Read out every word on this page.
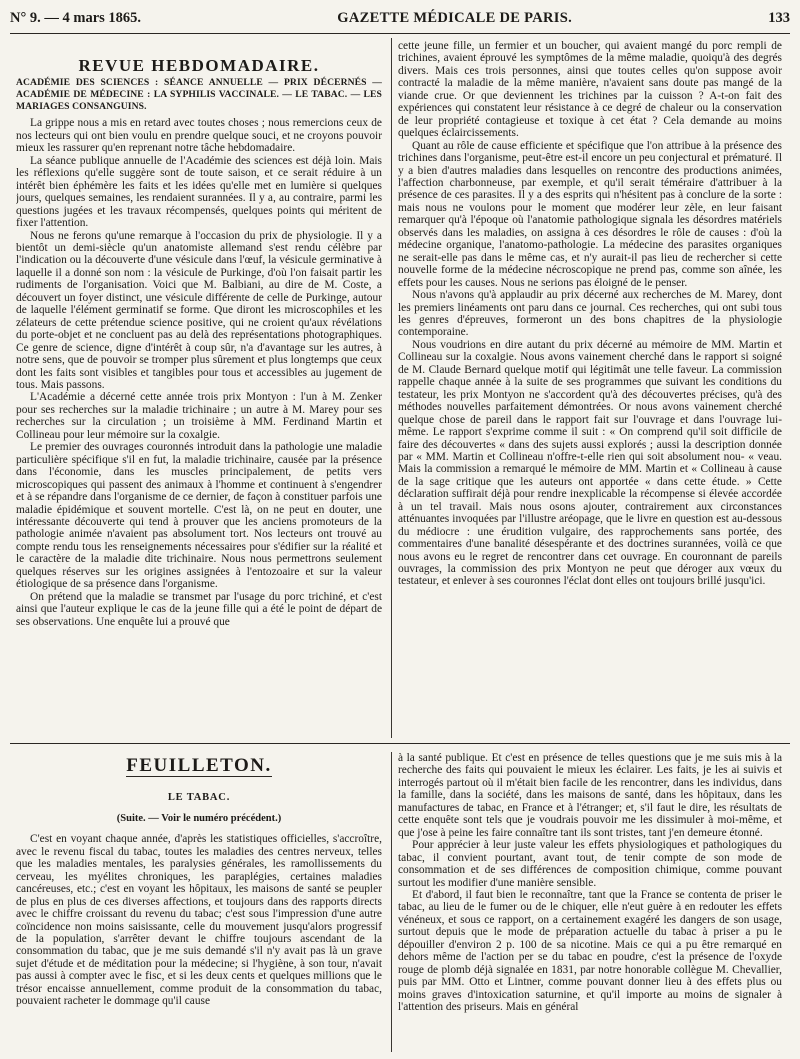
N° 9. — 4 mars 1865.	GAZETTE MÉDICALE DE PARIS.	133
REVUE HEBDOMADAIRE.
ACADÉMIE DES SCIENCES : SÉANCE ANNUELLE — PRIX DÉCERNÉS — ACADÉMIE DE MÉDECINE : LA SYPHILIS VACCINALE. — LE TABAC. — LES MARIAGES CONSANGUINS.

La grippe nous a mis en retard avec toutes choses ; nous remercions ceux de nos lecteurs qui ont bien voulu en prendre quelque souci, et ne croyons pouvoir mieux les rassurer qu'en reprenant notre tâche hebdomadaire.

La séance publique annuelle de l'Académie des sciences est déjà loin. Mais les réflexions qu'elle suggère sont de toute saison, et ce serait réduire à un intérêt bien éphémère les faits et les idées qu'elle met en lumière si quelques jours, quelques semaines, les rendaient surannées. Il y a, au contraire, parmi les questions jugées et les travaux récompensés, quelques points qui méritent de fixer l'attention.

Nous ne ferons qu'une remarque à l'occasion du prix de physiologie. Il y a bientôt un demi-siècle qu'un anatomiste allemand s'est rendu célèbre par l'indication ou la découverte d'une vésicule dans l'œuf, la vésicule germinative à laquelle il a donné son nom : la vésicule de Purkinge, d'où l'on faisait partir les rudiments de l'organisation. Voici que M. Balbiani, au dire de M. Coste, a découvert un foyer distinct, une vésicule différente de celle de Purkinge, autour de laquelle l'élément germinatif se forme. Que diront les microscophiles et les zélateurs de cette prétendue science positive, qui ne croient qu'aux révélations du porte-objet et ne concluent pas au delà des représentations photographiques. Ce genre de science, digne d'intérêt à coup sûr, n'a d'avantage sur les autres, à notre sens, que de pouvoir se tromper plus sûrement et plus longtemps que ceux dont les faits sont visibles et tangibles pour tous et accessibles au jugement de tous. Mais passons.

L'Académie a décerné cette année trois prix Montyon : l'un à M. Zenker pour ses recherches sur la maladie trichinaire ; un autre à M. Marey pour ses recherches sur la circulation ; un troisième à MM. Ferdinand Martin et Collineau pour leur mémoire sur la coxalgie.

Le premier des ouvrages couronnés introduit dans la pathologie une maladie particulière spécifique s'il en fut, la maladie trichinaire, causée par la présence dans l'économie, dans les muscles principalement, de petits vers microscopiques qui passent des animaux à l'homme et continuent à s'engendrer et à se répandre dans l'organisme de ce dernier, de façon à constituer parfois une maladie épidémique et souvent mortelle. C'est là, on ne peut en douter, une intéressante découverte qui tend à prouver que les anciens promoteurs de la pathologie animée n'avaient pas absolument tort. Nos lecteurs ont trouvé au compte rendu tous les renseignements nécessaires pour s'édifier sur la réalité et le caractère de la maladie dite trichinaire. Nous nous permettrons seulement quelques réserves sur les origines assignées à l'entozoaire et sur la valeur étiologique de sa présence dans l'organisme.

On prétend que la maladie se transmet par l'usage du porc trichiné, et c'est ainsi que l'auteur explique le cas de la jeune fille qui a été le point de départ de ses observations. Une enquête lui a prouvé que

cette jeune fille, un fermier et un boucher, qui avaient mangé du porc rempli de trichines, avaient éprouvé les symptômes de la même maladie, quoiqu'à des degrés divers. Mais ces trois personnes, ainsi que toutes celles qu'on suppose avoir contracté la maladie de la même manière, n'avaient sans doute pas mangé de la viande crue. Or que deviennent les trichines par la cuisson ? A-t-on fait des expériences qui constatent leur résistance à ce degré de chaleur ou la conservation de leur propriété contagieuse et toxique à cet état ? Cela demande au moins quelques éclaircissements.

Quant au rôle de cause efficiente et spécifique que l'on attribue à la présence des trichines dans l'organisme, peut-être est-il encore un peu conjectural et prématuré. Il y a bien d'autres maladies dans lesquelles on rencontre des productions animées, l'affection charbonneuse, par exemple, et qu'il serait téméraire d'attribuer à la présence de ces parasites. Il y a des esprits qui n'hésitent pas à conclure de la sorte : mais nous ne voulons pour le moment que modérer leur zèle, en leur faisant remarquer qu'à l'époque où l'anatomie pathologique signala les désordres matériels observés dans les maladies, on assigna à ces désordres le rôle de causes : d'où la médecine organique, l'anatomo-pathologie. La médecine des parasites organiques ne serait-elle pas dans le même cas, et n'y aurait-il pas lieu de rechercher si cette nouvelle forme de la médecine nécroscopique ne prend pas, comme son aînée, les effets pour les causes. Nous ne serions pas éloigné de le penser.

Nous n'avons qu'à applaudir au prix décerné aux recherches de M. Marey, dont les premiers linéaments ont paru dans ce journal. Ces recherches, qui ont subi tous les genres d'épreuves, formeront un des bons chapitres de la physiologie contemporaine.

Nous voudrions en dire autant du prix décerné au mémoire de MM. Martin et Collineau sur la coxalgie. Nous avons vainement cherché dans le rapport si soigné de M. Claude Bernard quelque motif qui légitimât une telle faveur. La commission rappelle chaque année à la suite de ses programmes que suivant les conditions du testateur, les prix Montyon ne s'accordent qu'à des découvertes précises, qu'à des méthodes nouvelles parfaitement démontrées. Or nous avons vainement cherché quelque chose de pareil dans le rapport fait sur l'ouvrage et dans l'ouvrage lui-même. Le rapport s'exprime comme il suit : « On comprend qu'il soit difficile de faire des découvertes « dans des sujets aussi explorés ; aussi la description donnée par « MM. Martin et Collineau n'offre-t-elle rien qui soit absolument nou- « veau. Mais la commission a remarqué le mémoire de MM. Martin et « Collineau à cause de la sage critique que les auteurs ont apportée « dans cette étude. » Cette déclaration suffirait déjà pour rendre inexplicable la récompense si élevée accordée à un tel travail. Mais nous osons ajouter, contrairement aux circonstances atténuantes invoquées par l'illustre aréopage, que le livre en question est au-dessous du médiocre : une érudition vulgaire, des rapprochements sans portée, des commentaires d'une banalité désespérante et des doctrines surannées, voilà ce que nous avons eu le regret de rencontrer dans cet ouvrage. En couronnant de pareils ouvrages, la commission des prix Montyon ne peut que déroger aux vœux du testateur, et enlever à ses couronnes l'éclat dont elles ont toujours brillé jusqu'ici.

FEUILLETON.
LE TABAC.
(Suite. — Voir le numéro précédent.)

C'est en voyant chaque année, d'après les statistiques officielles, s'accroître, avec le revenu fiscal du tabac, toutes les maladies des centres nerveux, telles que les maladies mentales, les paralysies générales, les ramollissements du cerveau, les myélites chroniques, les paraplégies, certaines maladies cancéreuses, etc.; c'est en voyant les hôpitaux, les maisons de santé se peupler de plus en plus de ces diverses affections, et toujours dans des rapports directs avec le chiffre croissant du revenu du tabac; c'est sous l'impression d'une autre coïncidence non moins saisissante, celle du mouvement jusqu'alors progressif de la population, s'arrêter devant le chiffre toujours ascendant de la consommation du tabac, que je me suis demandé s'il n'y avait pas là un grave sujet d'étude et de méditation pour la médecine; si l'hygiène, à son tour, n'avait pas aussi à compter avec le fisc, et si les deux cents et quelques millions que le trésor encaisse annuellement, comme produit de la consommation du tabac, pouvaient racheter le dommage qu'il cause

à la santé publique. Et c'est en présence de telles questions que je me suis mis à la recherche des faits qui pouvaient le mieux les éclairer. Les faits, je les ai suivis et interrogés partout où il m'était bien facile de les rencontrer, dans les individus, dans la famille, dans la société, dans les maisons de santé, dans les hôpitaux, dans les manufactures de tabac, en France et à l'étranger; et, s'il faut le dire, les résultats de cette enquête sont tels que je voudrais pouvoir me les dissimuler à moi-même, et que j'ose à peine les faire connaître tant ils sont tristes, tant j'en demeure étonné.

Pour apprécier à leur juste valeur les effets physiologiques et pathologiques du tabac, il convient pourtant, avant tout, de tenir compte de son mode de consommation et de ses différences de composition chimique, comme pouvant surtout les modifier d'une manière sensible.

Et d'abord, il faut bien le reconnaître, tant que la France se contenta de priser le tabac, au lieu de le fumer ou de le chiquer, elle n'eut guère à en redouter les effets vénéneux, et sous ce rapport, on a certainement exagéré les dangers de son usage, surtout depuis que le mode de préparation actuelle du tabac à priser a pu le dépouiller d'environ 2 p. 100 de sa nicotine. Mais ce qui a pu être remarqué en dehors même de l'action per se du tabac en poudre, c'est la présence de l'oxyde rouge de plomb déjà signalée en 1831, par notre honorable collègue M. Chevallier, puis par MM. Otto et Lintner, comme pouvant donner lieu à des effets plus ou moins graves d'intoxication saturnine, et qu'il importe au moins de signaler à l'attention des priseurs. Mais en général
